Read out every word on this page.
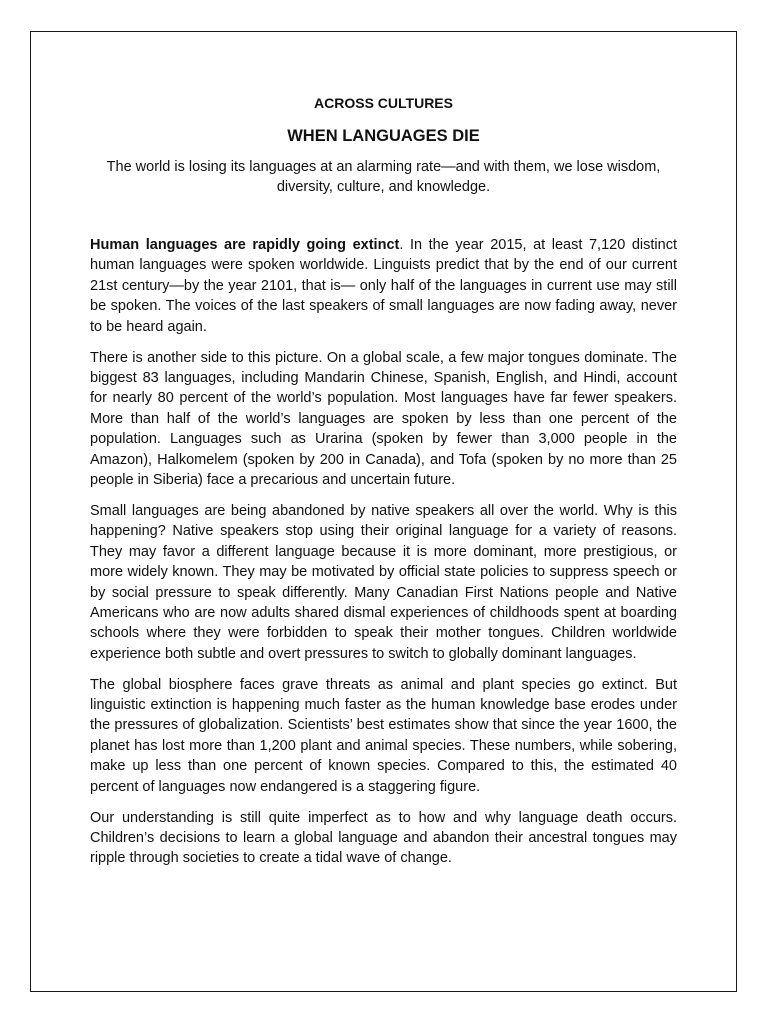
ACROSS CULTURES

WHEN LANGUAGES DIE

The world is losing its languages at an alarming rate—and with them, we lose wisdom, diversity, culture, and knowledge.

Human languages are rapidly going extinct. In the year 2015, at least 7,120 distinct human languages were spoken worldwide. Linguists predict that by the end of our current 21st century—by the year 2101, that is— only half of the languages in current use may still be spoken. The voices of the last speakers of small languages are now fading away, never to be heard again.

There is another side to this picture. On a global scale, a few major tongues dominate. The biggest 83 languages, including Mandarin Chinese, Spanish, English, and Hindi, account for nearly 80 percent of the world’s population. Most languages have far fewer speakers. More than half of the world’s languages are spoken by less than one percent of the population. Languages such as Urarina (spoken by fewer than 3,000 people in the Amazon), Halkomelem (spoken by 200 in Canada), and Tofa (spoken by no more than 25 people in Siberia) face a precarious and uncertain future.

Small languages are being abandoned by native speakers all over the world. Why is this happening? Native speakers stop using their original language for a variety of reasons. They may favor a different language because it is more dominant, more prestigious, or more widely known. They may be motivated by official state policies to suppress speech or by social pressure to speak differently. Many Canadian First Nations people and Native Americans who are now adults shared dismal experiences of childhoods spent at boarding schools where they were forbidden to speak their mother tongues. Children worldwide experience both subtle and overt pressures to switch to globally dominant languages.

The global biosphere faces grave threats as animal and plant species go extinct. But linguistic extinction is happening much faster as the human knowledge base erodes under the pressures of globalization. Scientists’ best estimates show that since the year 1600, the planet has lost more than 1,200 plant and animal species. These numbers, while sobering, make up less than one percent of known species. Compared to this, the estimated 40 percent of languages now endangered is a staggering figure.

Our understanding is still quite imperfect as to how and why language death occurs. Children’s decisions to learn a global language and abandon their ancestral tongues may ripple through societies to create a tidal wave of change.
